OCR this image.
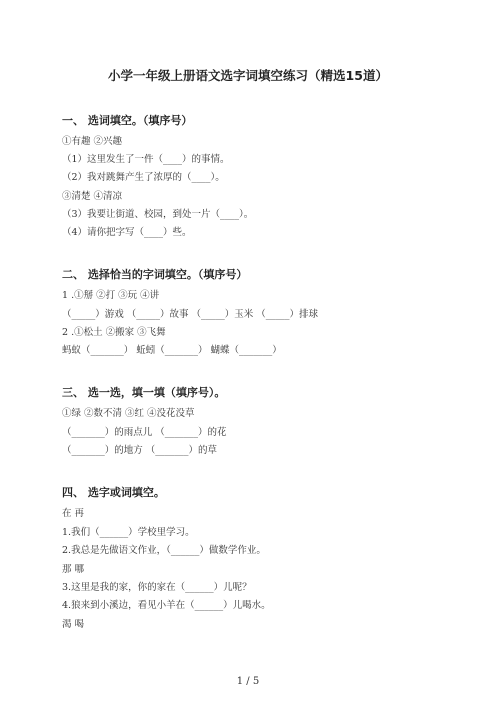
小学一年级上册语文选字词填空练习（精选15道）
一、 选词填空。（填序号）
①有趣 ②兴趣
（1）这里发生了一件（____）的事情。
（2）我对跳舞产生了浓厚的（____）。
③清楚 ④清凉
（3）我要让街道、校园，到处一片（____）。
（4）请你把字写（____）些。
二、 选择恰当的字词填空。（填序号）
1 .①掰 ②打 ③玩 ④讲
（_____）游戏 （_____）故事 （_____）玉米 （_____）排球
2 .①松土 ②搬家 ③飞舞
蚂蚁（_______） 蚯蚓（_______） 蝴蝶（_______）
三、 选一选，填一填（填序号）。
①绿 ②数不清 ③红 ④没花没草
（_______）的雨点儿 （_______）的花
（_______）的地方 （_______）的草
四、 选字或词填空。
在 再
1.我们（______）学校里学习。
2.我总是先做语文作业，（______）做数学作业。
那 哪
3.这里是我的家，你的家在（______）儿呢？
4.狼来到小溪边，看见小羊在（______）儿喝水。
渴 喝
1 / 5
